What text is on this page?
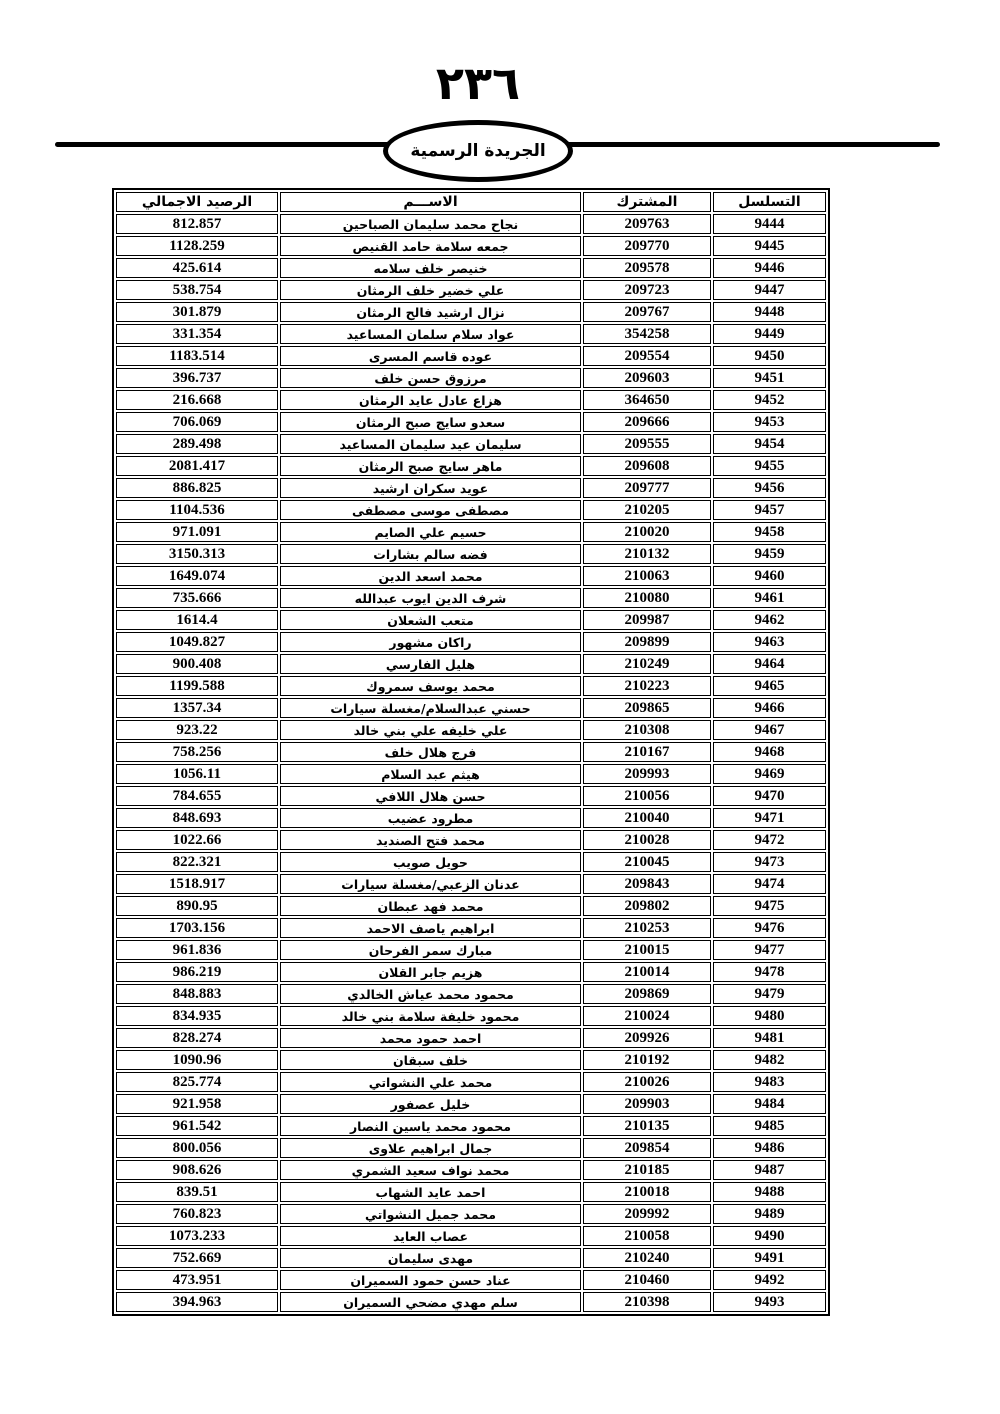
٢٣٦
الجريدة الرسمية
التسلسل	المشترك	الاســـم	الرصيد الاجمالي
9444	209763	نجاح محمد سليمان الصباحين	812.857
9445	209770	جمعه سلامة حامد القنيص	1128.259
9446	209578	خنيصر خلف سلامه	425.614
9447	209723	علي خضير خلف الرمثان	538.754
9448	209767	نزال ارشيد فالح الرمثان	301.879
9449	354258	عواد سلام سلمان المساعيد	331.354
9450	209554	عوده قاسم المسرى	1183.514
9451	209603	مرزوق حسن خلف	396.737
9452	364650	هزاع عادل عايد الرمثان	216.668
9453	209666	سعدو سايج صبح الرمثان	706.069
9454	209555	سليمان عيد سليمان المساعيد	289.498
9455	209608	ماهر سايج صبح الرمثان	2081.417
9456	209777	عويد سكران ارشيد	886.825
9457	210205	مصطفى موسى مصطفى	1104.536
9458	210020	حسيم علي الصايم	971.091
9459	210132	فضه سالم بشارات	3150.313
9460	210063	محمد اسعد الدين	1649.074
9461	210080	شرف الدين ايوب عبدالله	735.666
9462	209987	متعب الشعلان	1614.4
9463	209899	راكان مشهور	1049.827
9464	210249	هليل الفارسي	900.408
9465	210223	محمد يوسف سمروك	1199.588
9466	209865	حسني عبدالسلام/مغسلة سيارات	1357.34
9467	210308	علي خليفه علي بني خالد	923.22
9468	210167	فرج هلال خلف	758.256
9469	209993	هيثم عبد السلام	1056.11
9470	210056	حسن هلال اللافي	784.655
9471	210040	مطرود عضيب	848.693
9472	210028	محمد فتح الصنديد	1022.66
9473	210045	حويل صويب	822.321
9474	209843	عدنان الزعبي/مغسلة سيارات	1518.917
9475	209802	محمد فهد عبطان	890.95
9476	210253	ابراهيم ياصف الاحمد	1703.156
9477	210015	مبارك سمر الفرحان	961.836
9478	210014	هزيم جابر القلان	986.219
9479	209869	محمود محمد عياش الخالدي	848.883
9480	210024	محمود خليفة سلامة بني خالد	834.935
9481	209926	احمد حمود محمد	828.274
9482	210192	خلف سبقان	1090.96
9483	210026	محمد علي النشواتي	825.774
9484	209903	خليل عصفور	921.958
9485	210135	محمود محمد ياسين النصار	961.542
9486	209854	جمال ابراهيم علاوى	800.056
9487	210185	محمد نواف سعيد الشمري	908.626
9488	210018	احمد عايد الشهاب	839.51
9489	209992	محمد جميل النشواتي	760.823
9490	210058	عصاب العايد	1073.233
9491	210240	مهدى سليمان	752.669
9492	210460	عناد حسن حمود السميران	473.951
9493	210398	سلم مهدي مضحي السميران	394.963
